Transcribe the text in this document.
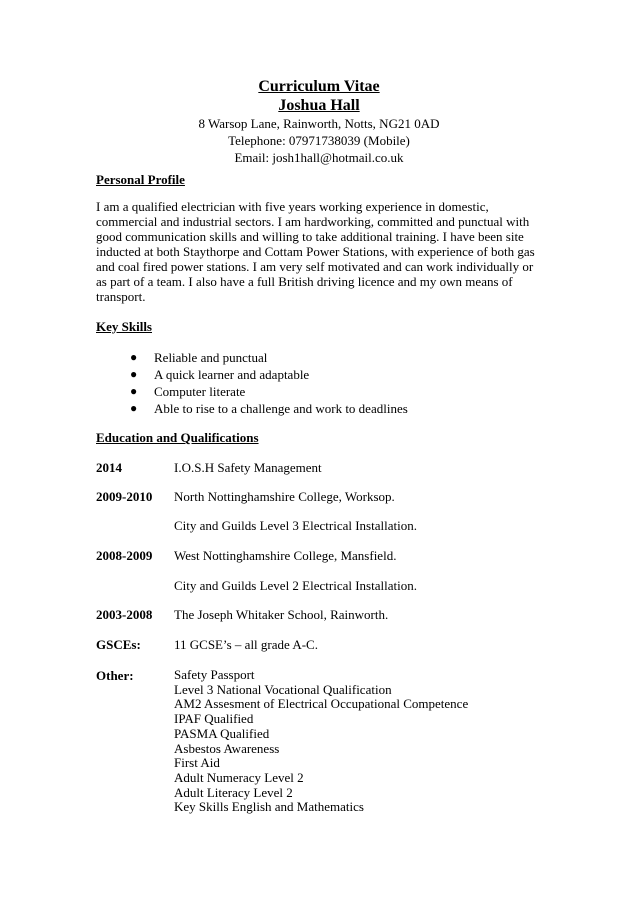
Curriculum Vitae

Joshua Hall

8 Warsop Lane, Rainworth, Notts, NG21 0AD

Telephone: 07971738039 (Mobile)

Email: josh1hall@hotmail.co.uk

Personal Profile

I am a qualified electrician with five years working experience in domestic, commercial and industrial sectors. I am hardworking, committed and punctual with good communication skills and willing to take additional training. I have been site inducted at both Staythorpe and Cottam Power Stations, with experience of both gas and coal fired power stations. I am very self motivated and can work individually or as part of a team. I also have a full British driving licence and my own means of transport.

Key Skills

● Reliable and punctual
● A quick learner and adaptable
● Computer literate
● Able to rise to a challenge and work to deadlines

Education and Qualifications

2014	I.O.S.H Safety Management
2009-2010 North Nottinghamshire College, Worksop.
City and Guilds Level 3 Electrical Installation.
2008-2009 West Nottinghamshire College, Mansfield.
City and Guilds Level 2 Electrical Installation.
2003-2008 The Joseph Whitaker School, Rainworth.
GSCEs:	11 GCSE’s – all grade A-C.
Other:	Safety Passport
Level 3 National Vocational Qualification
AM2 Assesment of Electrical Occupational Competence
IPAF Qualified
PASMA Qualified
Asbestos Awareness
First Aid
Adult Numeracy Level 2
Adult Literacy Level 2
Key Skills English and Mathematics
